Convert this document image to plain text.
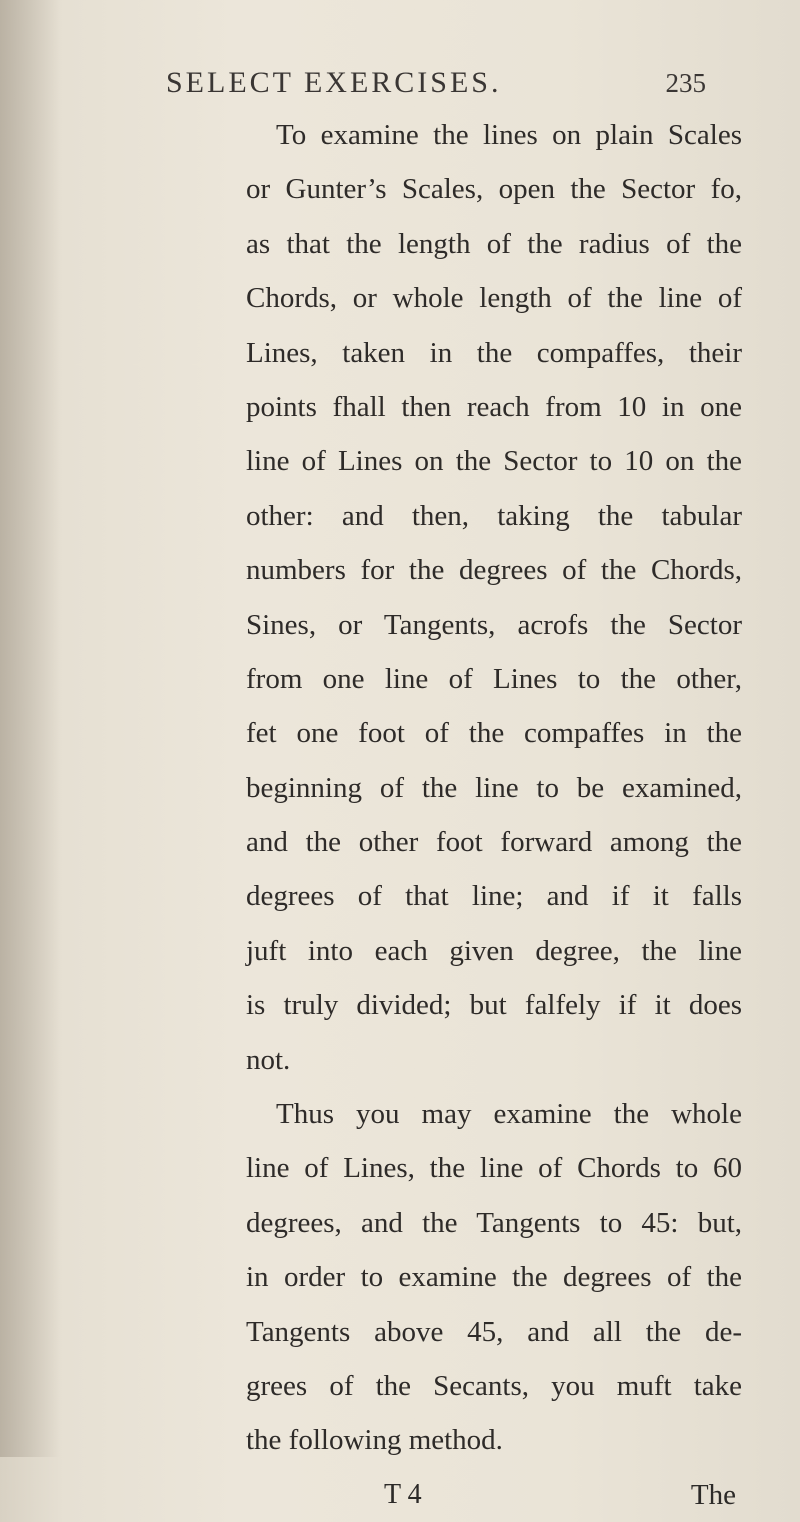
SELECT EXERCISES.	235
To examine the lines on plain Scales
or Gunter’s Scales, open the Sector fo,
as that the length of the radius of the
Chords, or whole length of the line of
Lines, taken in the compaffes, their
points fhall then reach from 10 in one
line of Lines on the Sector to 10 on the
other: and then, taking the tabular
numbers for the degrees of the Chords,
Sines, or Tangents, acrofs the Sector
from one line of Lines to the other,
fet one foot of the compaffes in the
beginning of the line to be examined,
and the other foot forward among the
degrees of that line; and if it falls
juft into each given degree, the line
is truly divided; but falfely if it does
not.
Thus you may examine the whole
line of Lines, the line of Chords to 60
degrees, and the Tangents to 45: but,
in order to examine the degrees of the
Tangents above 45, and all the de-
grees of the Secants, you muft take
the following method.
T 4	The
